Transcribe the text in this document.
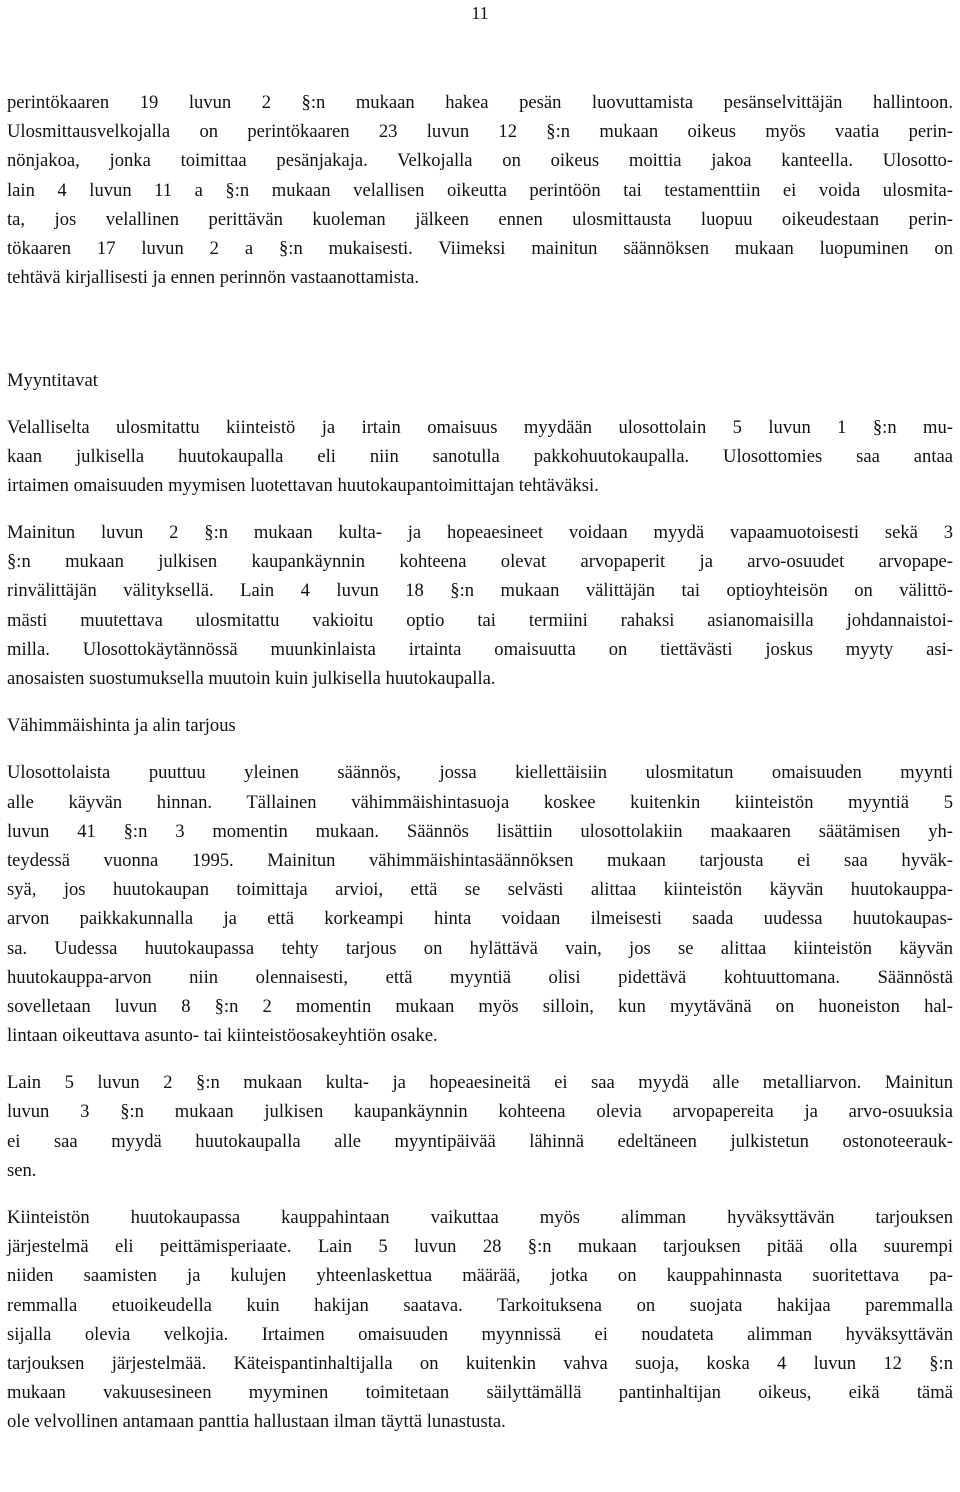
11
perintökaaren 19 luvun 2 §:n mukaan hakea pesän luovuttamista pesänselvittäjän hallintoon.
Ulosmittausvelkojalla on perintökaaren 23 luvun 12 §:n mukaan oikeus myös vaatia perin-
nönjakoa, jonka toimittaa pesänjakaja. Velkojalla on oikeus moittia jakoa kanteella. Ulosotto-
lain 4 luvun 11 a §:n mukaan velallisen oikeutta perintöön tai testamenttiin ei voida ulosmita-
ta, jos velallinen perittävän kuoleman jälkeen ennen ulosmittausta luopuu oikeudestaan perin-
tökaaren 17 luvun 2 a §:n mukaisesti. Viimeksi mainitun säännöksen mukaan luopuminen on
tehtävä kirjallisesti ja ennen perinnön vastaanottamista.
Myyntitavat
Velalliselta ulosmitattu kiinteistö ja irtain omaisuus myydään ulosottolain 5 luvun 1 §:n mu-
kaan julkisella huutokaupalla eli niin sanotulla pakkohuutokaupalla. Ulosottomies saa antaa
irtaimen omaisuuden myymisen luotettavan huutokaupantoimittajan tehtäväksi.
Mainitun luvun 2 §:n mukaan kulta- ja hopeaesineet voidaan myydä vapaamuotoisesti sekä 3
§:n mukaan julkisen kaupankäynnin kohteena olevat arvopaperit ja arvo-osuudet arvopape-
rinvälittäjän välityksellä. Lain 4 luvun 18 §:n mukaan välittäjän tai optioyhteisön on välittö-
mästi muutettava ulosmitattu vakioitu optio tai termiini rahaksi asianomaisilla johdannaistoi-
milla. Ulosottokäytännössä muunkinlaista irtainta omaisuutta on tiettävästi joskus myyty asi-
anosaisten suostumuksella muutoin kuin julkisella huutokaupalla.
Vähimmäishinta ja alin tarjous
Ulosottolaista puuttuu yleinen säännös, jossa kiellettäisiin ulosmitatun omaisuuden myynti
alle käyvän hinnan. Tällainen vähimmäishintasuoja koskee kuitenkin kiinteistön myyntiä 5
luvun 41 §:n 3 momentin mukaan. Säännös lisättiin ulosottolakiin maakaaren säätämisen yh-
teydessä vuonna 1995. Mainitun vähimmäishintasäännöksen mukaan tarjousta ei saa hyväk-
syä, jos huutokaupan toimittaja arvioi, että se selvästi alittaa kiinteistön käyvän huutokauppa-
arvon paikkakunnalla ja että korkeampi hinta voidaan ilmeisesti saada uudessa huutokaupas-
sa. Uudessa huutokaupassa tehty tarjous on hylättävä vain, jos se alittaa kiinteistön käyvän
huutokauppa-arvon niin olennaisesti, että myyntiä olisi pidettävä kohtuuttomana. Säännöstä
sovelletaan luvun 8 §:n 2 momentin mukaan myös silloin, kun myytävänä on huoneiston hal-
lintaan oikeuttava asunto- tai kiinteistöosakeyhtiön osake.
Lain 5 luvun 2 §:n mukaan kulta- ja hopeaesineitä ei saa myydä alle metalliarvon. Mainitun
luvun 3 §:n mukaan julkisen kaupankäynnin kohteena olevia arvopapereita ja arvo-osuuksia
ei saa myydä huutokaupalla alle myyntipäivää lähinnä edeltäneen julkistetun ostonoteerauk-
sen.
Kiinteistön huutokaupassa kauppahintaan vaikuttaa myös alimman hyväksyttävän tarjouksen
järjestelmä eli peittämisperiaate. Lain 5 luvun 28 §:n mukaan tarjouksen pitää olla suurempi
niiden saamisten ja kulujen yhteenlaskettua määrää, jotka on kauppahinnasta suoritettava pa-
remmalla etuoikeudella kuin hakijan saatava. Tarkoituksena on suojata hakijaa paremmalla
sijalla olevia velkojia. Irtaimen omaisuuden myynnissä ei noudateta alimman hyväksyttävän
tarjouksen järjestelmää. Käteispantinhaltijalla on kuitenkin vahva suoja, koska 4 luvun 12 §:n
mukaan vakuusesineen myyminen toimitetaan säilyttämällä pantinhaltijan oikeus, eikä tämä
ole velvollinen antamaan panttia hallustaan ilman täyttä lunastusta.
